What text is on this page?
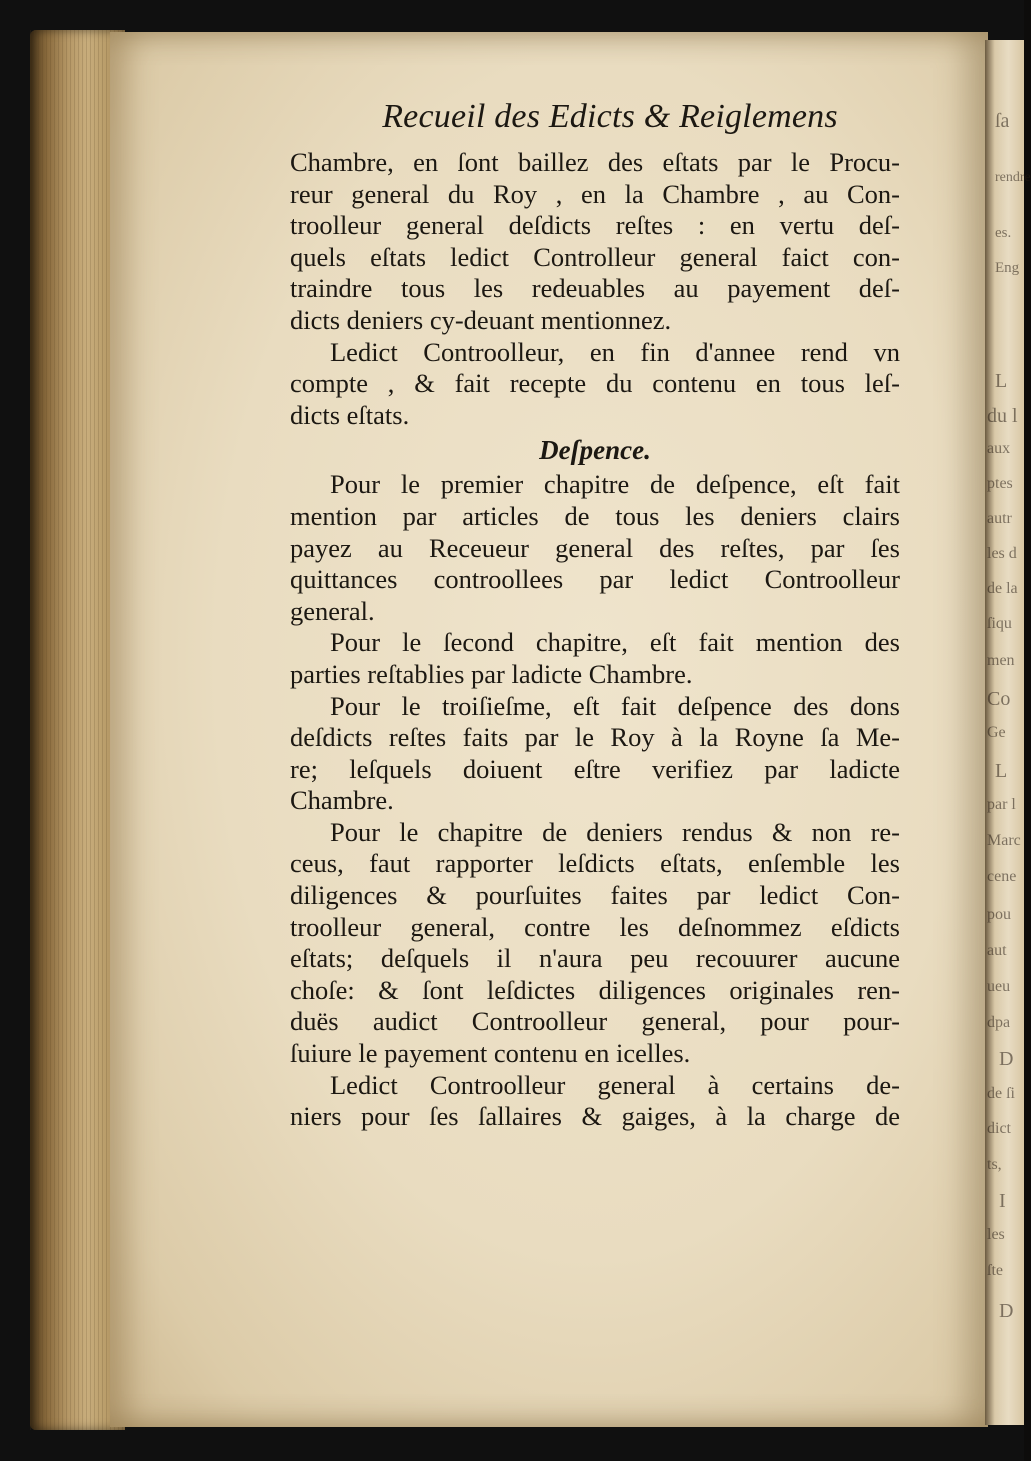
ſa
rendre
es.
Eng
L
du l
aux
ptes
autr
les d
de la
ſiqu
men
Co
Ge
L
par l
Marc
cene
pou
aut
ueu
dpa
D
de ſi
dict
ts,
I
les
ſte
D
Recueil des Edicts & Reiglemens
Chambre, en ſont baillez des eſtats par le Procu-
reur general du Roy , en la Chambre , au Con-
troolleur general deſdicts reſtes : en vertu deſ-
quels eſtats ledict Controlleur general faict con-
traindre tous les redeuables au payement deſ-
dicts deniers cy-deuant mentionnez.
Ledict Controolleur, en fin d'annee rend vn
compte , & fait recepte du contenu en tous leſ-
dicts eſtats.
Deſpence.
Pour le premier chapitre de deſpence, eſt fait
mention par articles de tous les deniers clairs
payez au Receueur general des reſtes, par ſes
quittances controollees par ledict Controolleur
general.
Pour le ſecond chapitre, eſt fait mention des
parties reſtablies par ladicte Chambre.
Pour le troiſieſme, eſt fait deſpence des dons
deſdicts reſtes faits par le Roy à la Royne ſa Me-
re; leſquels doiuent eſtre verifiez par ladicte
Chambre.
Pour le chapitre de deniers rendus & non re-
ceus, faut rapporter leſdicts eſtats, enſemble les
diligences & pourſuites faites par ledict Con-
troolleur general, contre les deſnommez eſdicts
eſtats; deſquels il n'aura peu recouurer aucune
choſe: & ſont leſdictes diligences originales ren-
duës audict Controolleur general, pour pour-
ſuiure le payement contenu en icelles.
Ledict Controolleur general à certains de-
niers pour ſes ſallaires & gaiges, à la charge de
